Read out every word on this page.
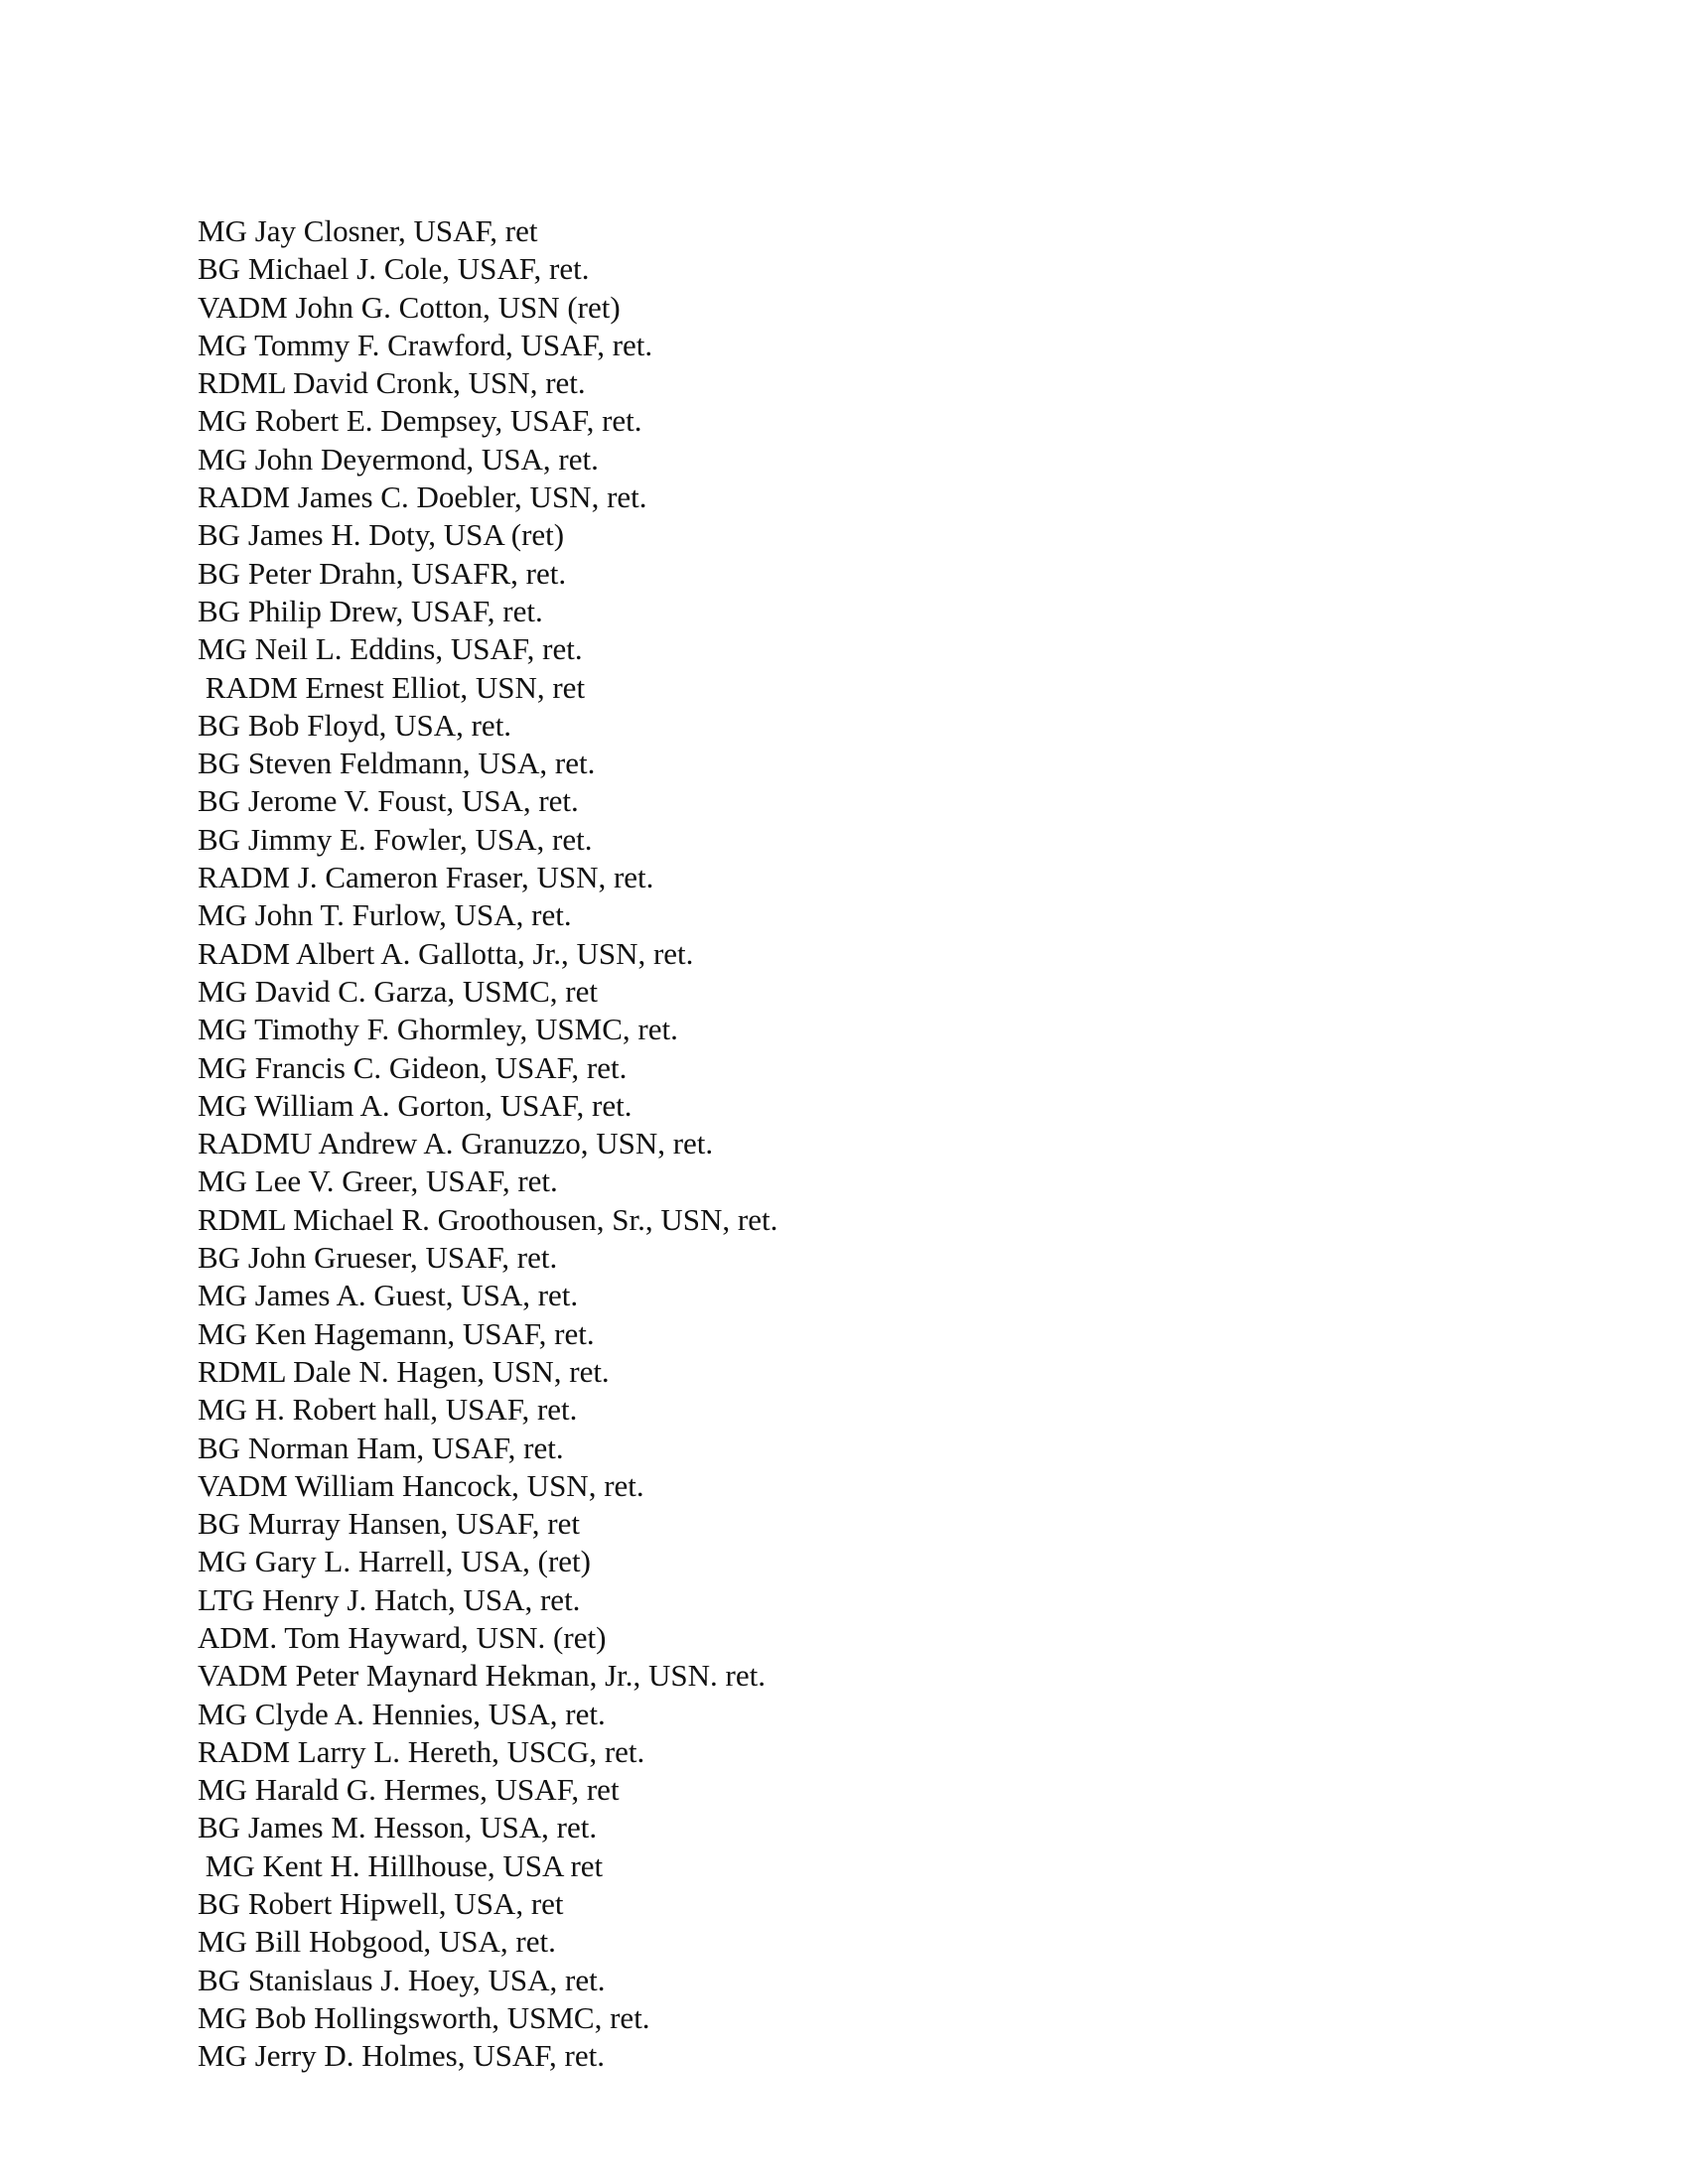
MG Jay Closner, USAF, ret
BG Michael J. Cole, USAF, ret.
VADM John G. Cotton, USN (ret)
MG Tommy F. Crawford, USAF, ret.
RDML David Cronk, USN, ret.
MG Robert E. Dempsey, USAF, ret.
MG John Deyermond, USA, ret.
RADM James C. Doebler, USN, ret.
BG James H. Doty, USA (ret)
BG Peter Drahn, USAFR, ret.
BG Philip Drew, USAF, ret.
MG Neil L. Eddins, USAF, ret.
RADM Ernest Elliot, USN, ret
BG Bob Floyd, USA, ret.
BG Steven Feldmann, USA, ret.
BG Jerome V. Foust, USA, ret.
BG Jimmy E. Fowler, USA, ret.
RADM J. Cameron Fraser, USN, ret.
MG John T. Furlow, USA, ret.
RADM Albert A. Gallotta, Jr., USN, ret.
MG David C. Garza, USMC, ret
MG Timothy F. Ghormley, USMC, ret.
MG Francis C. Gideon, USAF, ret.
MG William A. Gorton, USAF, ret.
RADMU Andrew A. Granuzzo, USN, ret.
MG Lee V. Greer, USAF, ret.
RDML Michael R. Groothousen, Sr., USN, ret.
BG John Grueser, USAF, ret.
MG James A. Guest, USA, ret.
MG Ken Hagemann, USAF, ret.
RDML Dale N. Hagen, USN, ret.
MG H. Robert hall, USAF, ret.
BG Norman Ham, USAF, ret.
VADM William Hancock, USN, ret.
BG Murray Hansen, USAF, ret
MG Gary L. Harrell, USA, (ret)
LTG Henry J. Hatch, USA, ret.
ADM. Tom Hayward, USN. (ret)
VADM Peter Maynard Hekman, Jr., USN. ret.
MG Clyde A. Hennies, USA, ret.
RADM Larry L. Hereth, USCG, ret.
MG Harald G. Hermes, USAF, ret
BG James M. Hesson, USA, ret.
MG Kent H. Hillhouse, USA ret
BG Robert Hipwell, USA, ret
MG Bill Hobgood, USA, ret.
BG Stanislaus J. Hoey, USA, ret.
MG Bob Hollingsworth, USMC, ret.
MG Jerry D. Holmes, USAF, ret.
